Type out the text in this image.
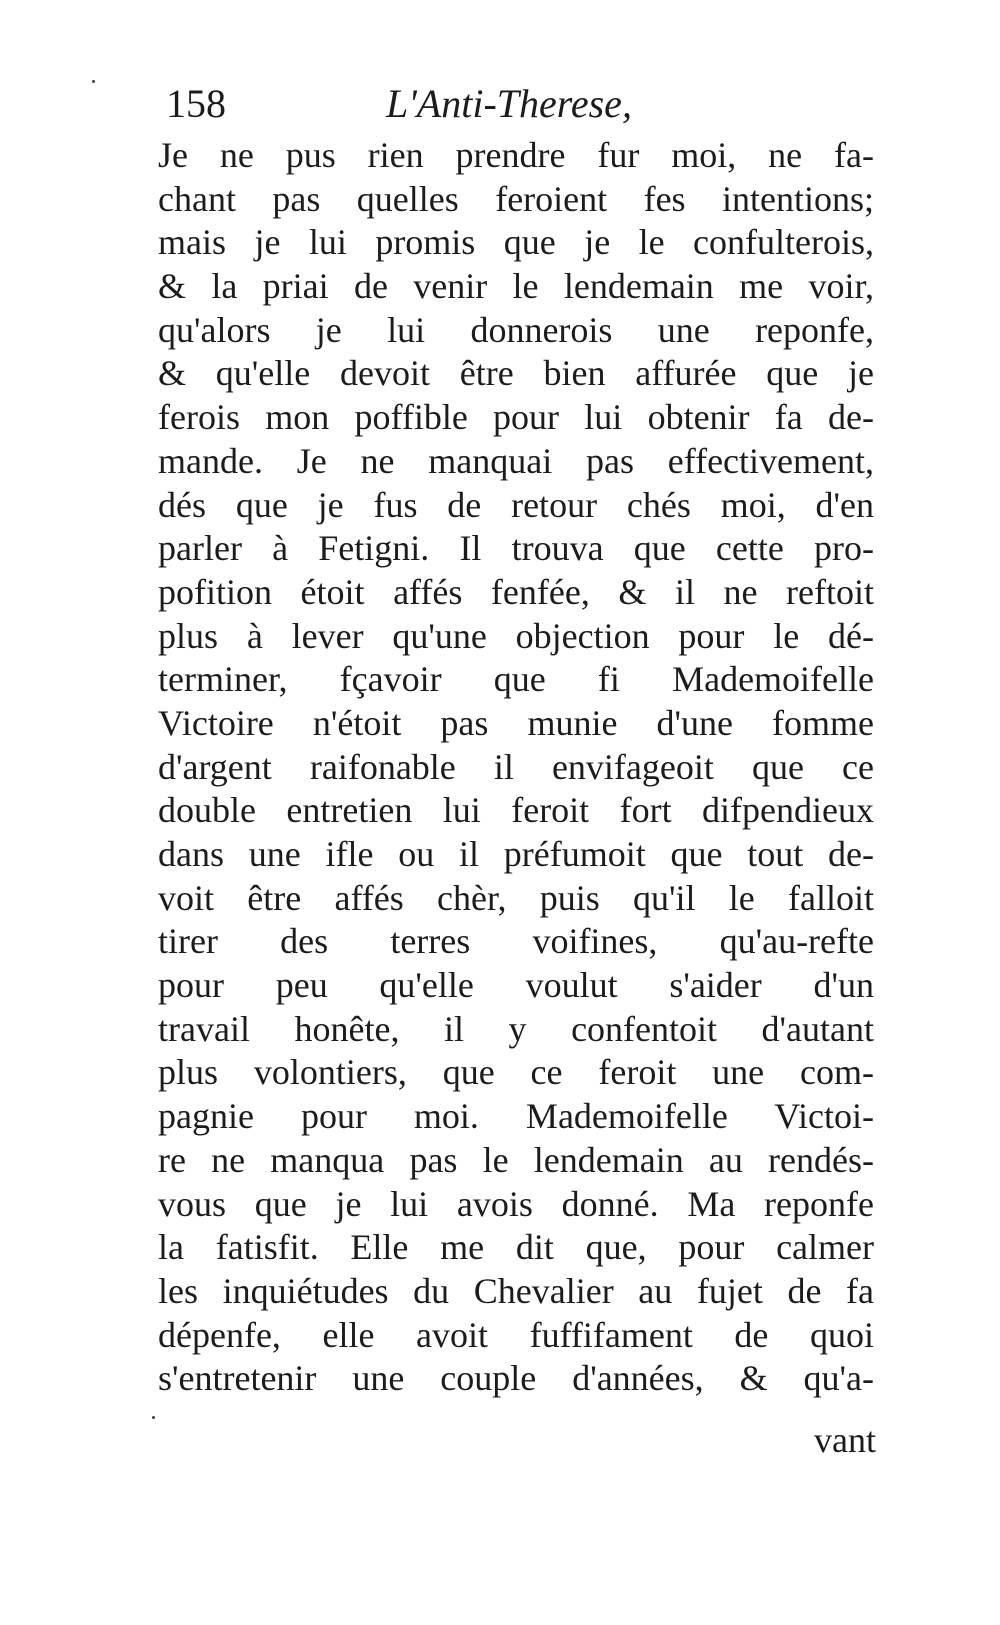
158	L'Anti-Therese,
Je ne pus rien prendre fur moi, ne fa-
chant pas quelles feroient fes intentions;
mais je lui promis que je le confulterois,
& la priai de venir le lendemain me voir,
qu'alors je lui donnerois une reponfe,
& qu'elle devoit être bien affurée que je
ferois mon poffible pour lui obtenir fa de-
mande. Je ne manquai pas effectivement,
dés que je fus de retour chés moi, d'en
parler à Fetigni. Il trouva que cette pro-
pofition étoit affés fenfée, & il ne reftoit
plus à lever qu'une objection pour le dé-
terminer, fçavoir que fi Mademoifelle
Victoire n'étoit pas munie d'une fomme
d'argent raifonable il envifageoit que ce
double entretien lui feroit fort difpendieux
dans une ifle ou il préfumoit que tout de-
voit être affés chèr, puis qu'il le falloit
tirer des terres voifines, qu'au-refte
pour peu qu'elle voulut s'aider d'un
travail honête, il y confentoit d'autant
plus volontiers, que ce feroit une com-
pagnie pour moi. Mademoifelle Victoi-
re ne manqua pas le lendemain au rendés-
vous que je lui avois donné. Ma reponfe
la fatisfit. Elle me dit que, pour calmer
les inquiétudes du Chevalier au fujet de fa
dépenfe, elle avoit fuffifament de quoi
s'entretenir une couple d'années, & qu'a-
vant
